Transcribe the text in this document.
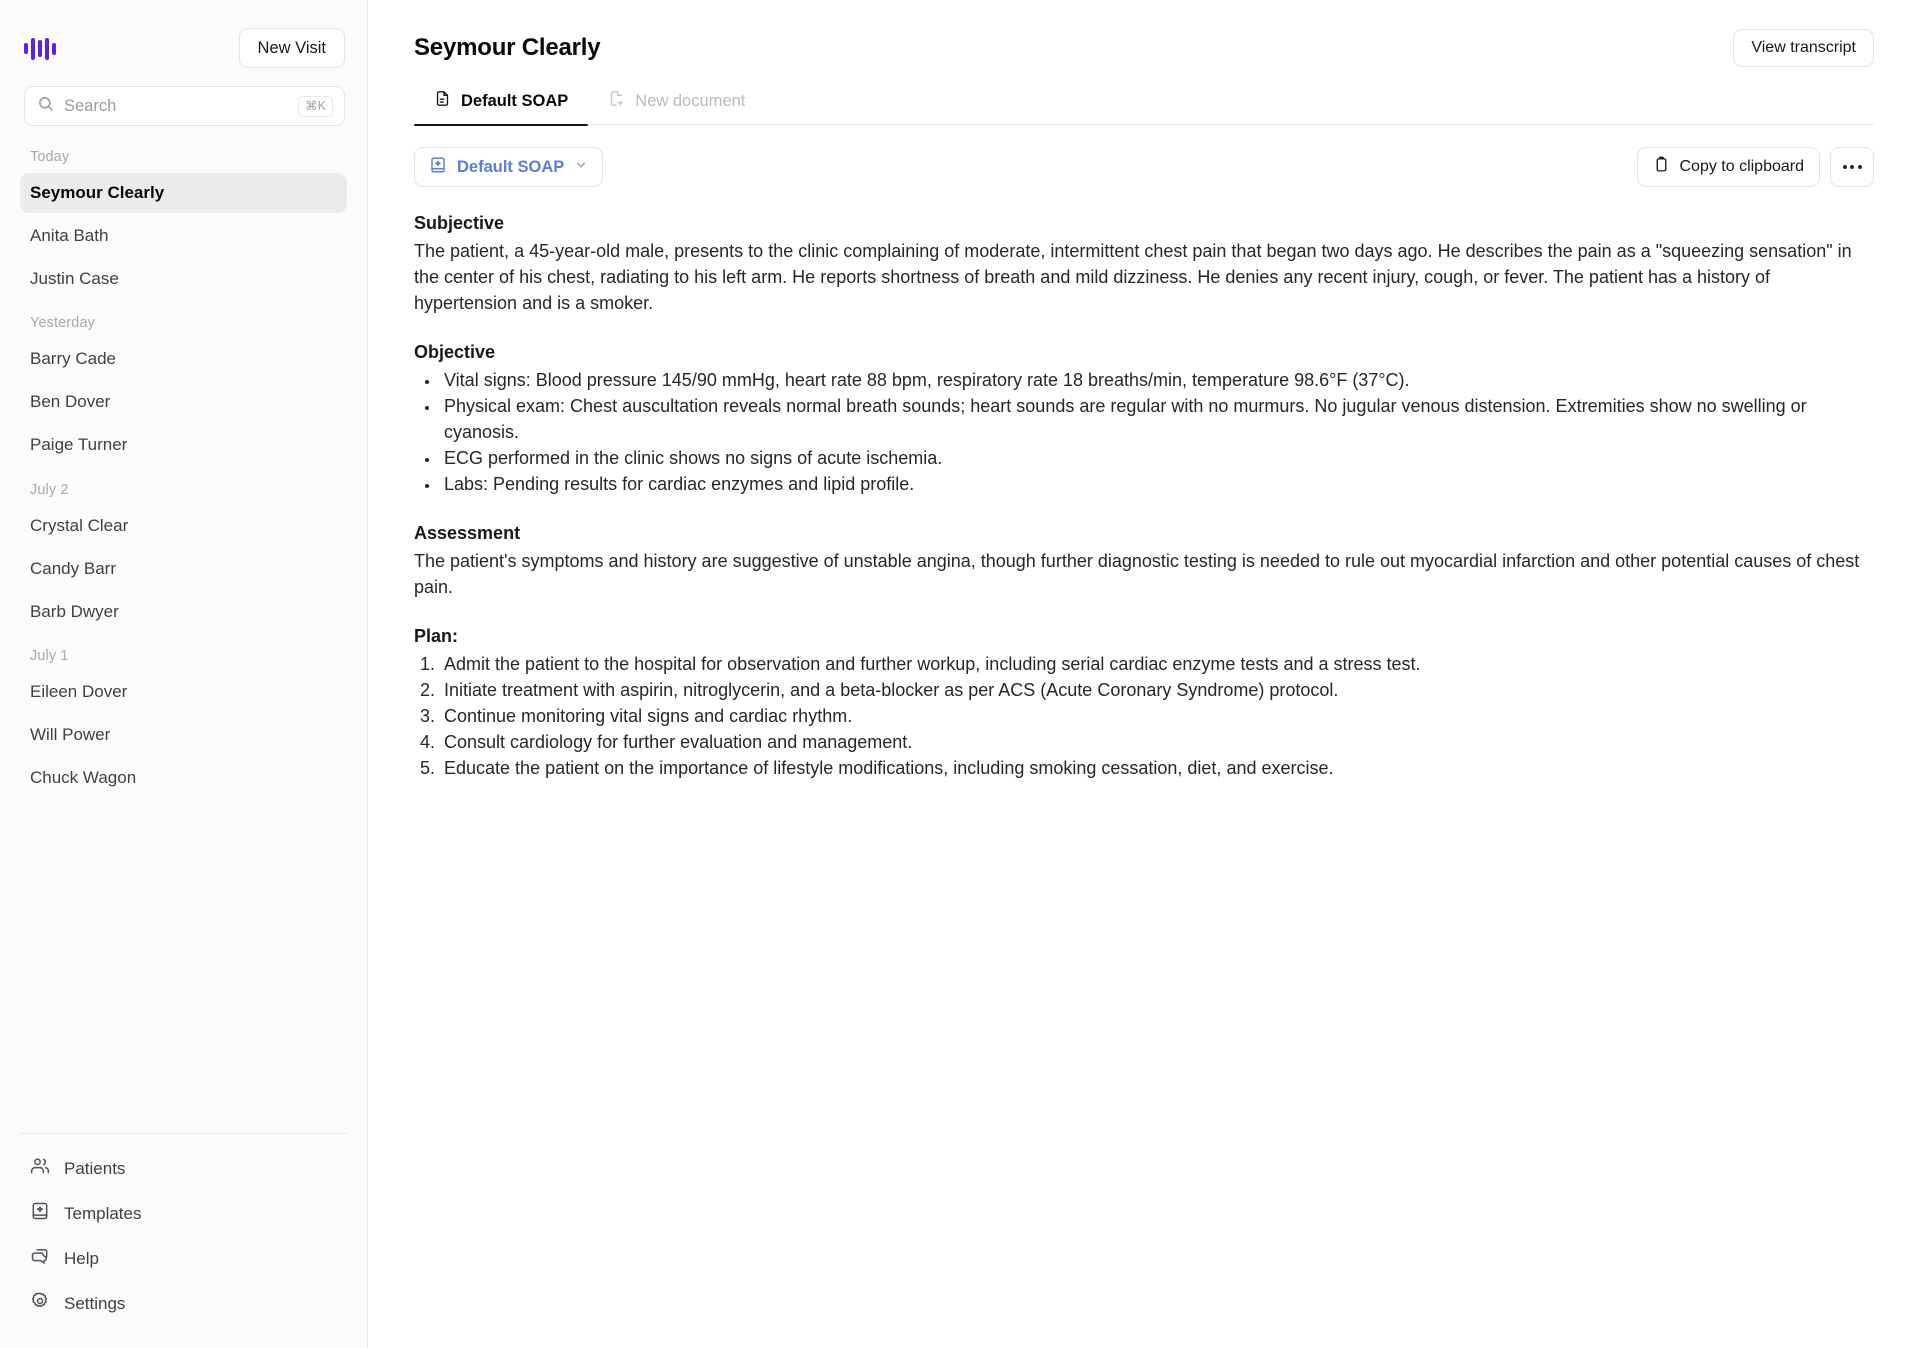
New Visit
Search
⌘K
Today
Seymour Clearly
Anita Bath
Justin Case
Yesterday
Barry Cade
Ben Dover
Paige Turner
July 2
Crystal Clear
Candy Barr
Barb Dwyer
July 1
Eileen Dover
Will Power
Chuck Wagon
Patients
Templates
Help
Settings
Seymour Clearly	View transcript
Default SOAP	New document
Default SOAP	Copy to clipboard
Subjective
The patient, a 45-year-old male, presents to the clinic complaining of moderate, intermittent chest pain that began two days ago. He describes the pain as a "squeezing sensation" in the center of his chest, radiating to his left arm. He reports shortness of breath and mild dizziness. He denies any recent injury, cough, or fever. The patient has a history of hypertension and is a smoker.
Objective
• Vital signs: Blood pressure 145/90 mmHg, heart rate 88 bpm, respiratory rate 18 breaths/min, temperature 98.6°F (37°C).
• Physical exam: Chest auscultation reveals normal breath sounds; heart sounds are regular with no murmurs. No jugular venous distension. Extremities show no swelling or cyanosis.
• ECG performed in the clinic shows no signs of acute ischemia.
• Labs: Pending results for cardiac enzymes and lipid profile.
Assessment
The patient's symptoms and history are suggestive of unstable angina, though further diagnostic testing is needed to rule out myocardial infarction and other potential causes of chest pain.
Plan:
1. Admit the patient to the hospital for observation and further workup, including serial cardiac enzyme tests and a stress test.
2. Initiate treatment with aspirin, nitroglycerin, and a beta-blocker as per ACS (Acute Coronary Syndrome) protocol.
3. Continue monitoring vital signs and cardiac rhythm.
4. Consult cardiology for further evaluation and management.
5. Educate the patient on the importance of lifestyle modifications, including smoking cessation, diet, and exercise.
